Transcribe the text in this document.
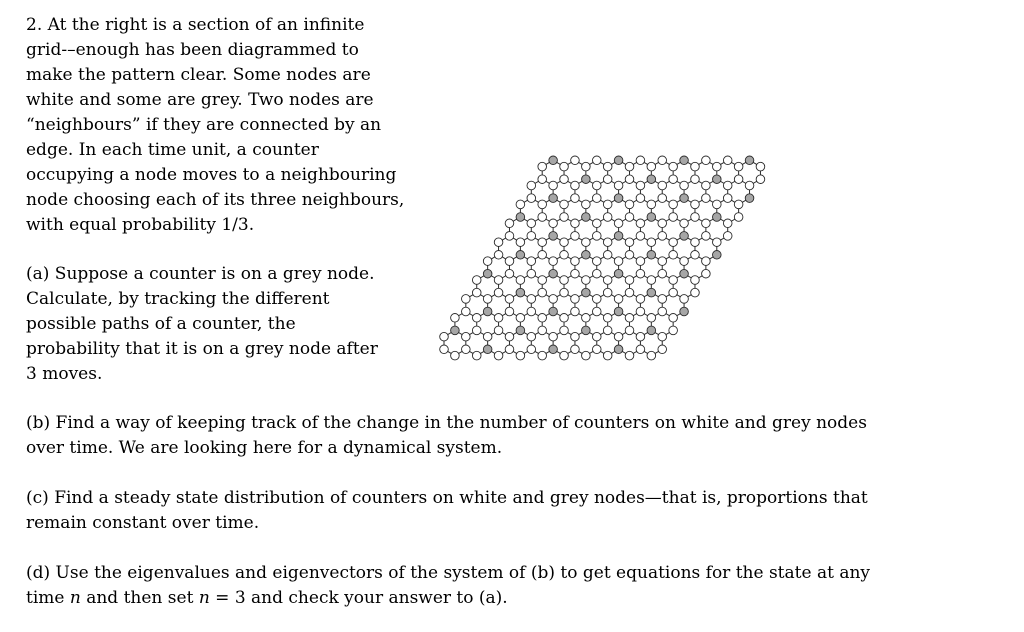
2. At the right is a section of an infinite
grid-–enough has been diagrammed to
make the pattern clear. Some nodes are
white and some are grey. Two nodes are
“neighbours” if they are connected by an
edge. In each time unit, a counter
occupying a node moves to a neighbouring
node choosing each of its three neighbours,
with equal probability 1/3.
(a) Suppose a counter is on a grey node.
Calculate, by tracking the different
possible paths of a counter, the
probability that it is on a grey node after
3 moves.
(b) Find a way of keeping track of the change in the number of counters on white and grey nodes
over time. We are looking here for a dynamical system.
(c) Find a steady state distribution of counters on white and grey nodes—that is, proportions that
remain constant over time.
(d) Use the eigenvalues and eigenvectors of the system of (b) to get equations for the state at any
time n and then set n = 3 and check your answer to (a).
